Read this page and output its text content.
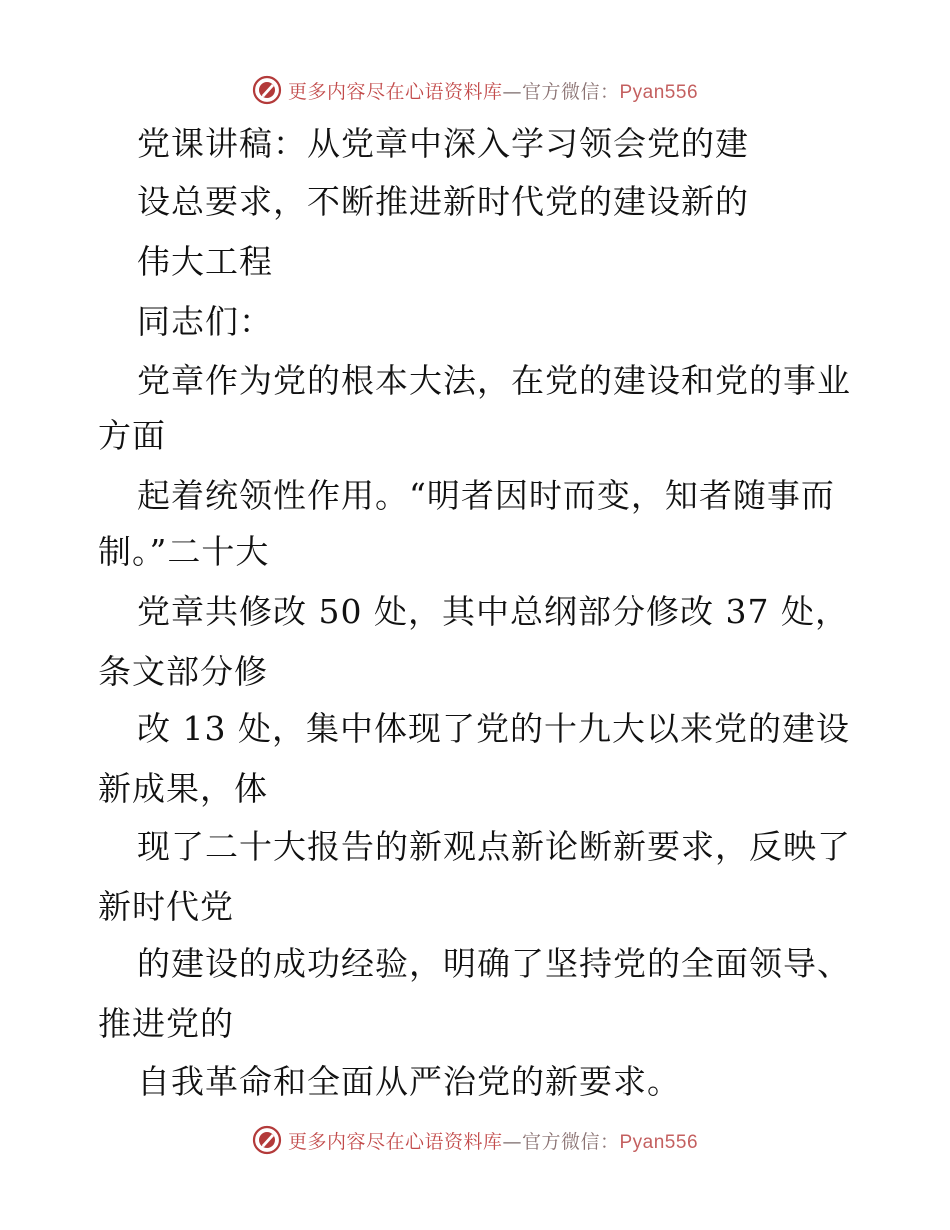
更多内容尽在心语资料库—官方微信：Pyan556
党课讲稿：从党章中深入学习领会党的建
设总要求，不断推进新时代党的建设新的
伟大工程
同志们：
党章作为党的根本大法，在党的建设和党的事业
方面
起着统领性作用。“明者因时而变，知者随事而
制。”二十大
党章共修改 50 处，其中总纲部分修改 37 处，
条文部分修
改 13 处，集中体现了党的十九大以来党的建设
新成果，体
现了二十大报告的新观点新论断新要求，反映了
新时代党
的建设的成功经验，明确了坚持党的全面领导、
推进党的
自我革命和全面从严治党的新要求。
更多内容尽在心语资料库—官方微信：Pyan556
